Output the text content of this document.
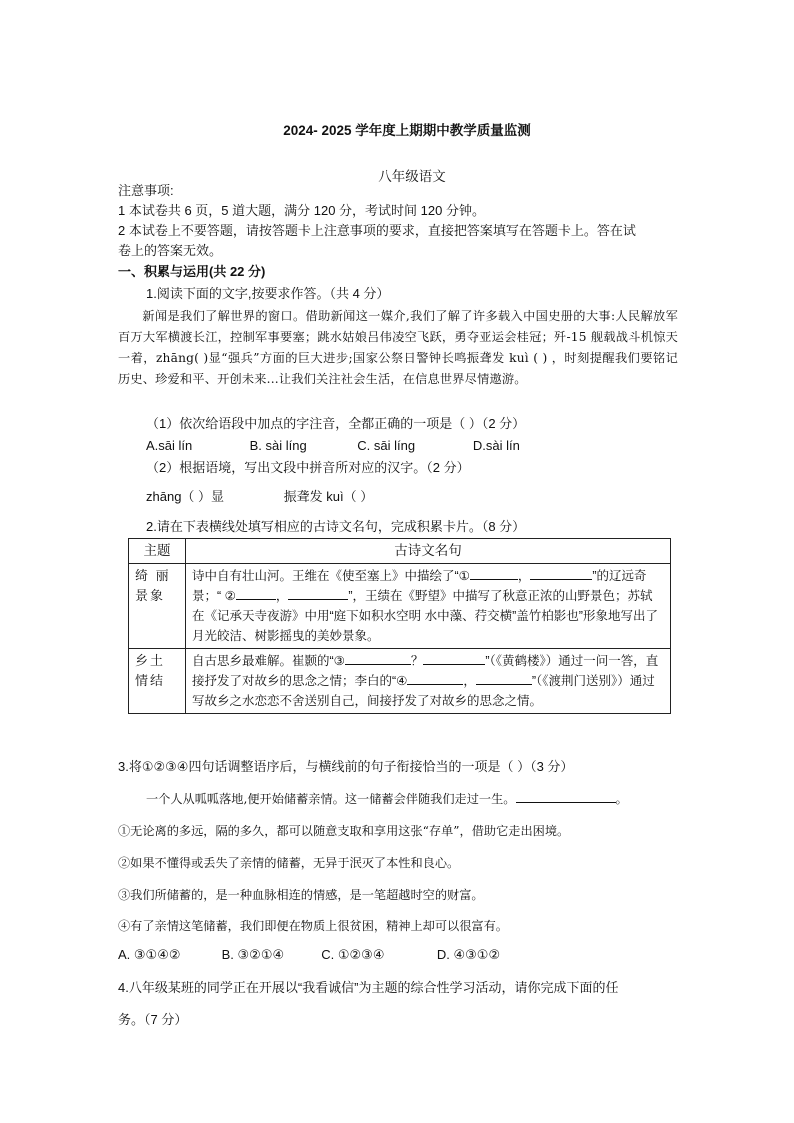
2024- 2025 学年度上期期中教学质量监测
八年级语文
注意事项:
1 本试卷共 6 页，5 道大题，满分 120 分，考试时间 120 分钟。
2 本试卷上不要答题，请按答题卡上注意事项的要求，直接把答案填写在答题卡上。答在试
卷上的答案无效。
一、积累与运用(共 22 分)
1.阅读下面的文字,按要求作答。（共 4 分）
新闻是我们了解世界的窗口。借助新闻这一媒介,我们了解了许多载入中国史册的大事:人民解放军百万大军横渡长江，控制军事要塞；跳水姑娘吕伟凌空飞跃，勇夺亚运会桂冠；歼-15 舰载战斗机惊天一着，zhāng( )显“强兵”方面的巨大进步;国家公祭日警钟长鸣振聋发 kuì ( ) ，时刻提醒我们要铭记历史、珍爱和平、开创未来...让我们关注社会生活，在信息世界尽情遨游。
（1）依次给语段中加点的字注音，全都正确的一项是（ ）（2 分）
A.sāi lín	B. sài líng	C. sāi líng	D.sài lín
（2）根据语境，写出文段中拼音所对应的汉字。（2 分）
zhāng（ ）显	振聋发 kuì（ ）
2.请在下表横线处填写相应的古诗文名句，完成积累卡片。（8 分）
主题	古诗文名句
绮 丽景象	诗中自有壮山河。王维在《使至塞上》中描绘了“① ， ”的辽远奇景；“ ② ， ”，王绩在《野望》中描写了秋意正浓的山野景色；苏轼在《记承天寺夜游》中用“庭下如积水空明 水中藻、荇交横”盖竹柏影也”形象地写出了月光皎洁、树影摇曳的美妙景象。
乡土情结	自古思乡最难解。崔颢的“③ ？ ”（《黄鹤楼》）通过一问一答，直接抒发了对故乡的思念之情；李白的“④ ， ”（《渡荆门送别》）通过写故乡之水恋恋不舍送别自己，间接抒发了对故乡的思念之情。
3.将①②③④四句话调整语序后，与横线前的句子衔接恰当的一项是（ ）（3 分）
一个人从呱呱落地,便开始储蓄亲情。这一储蓄会伴随我们走过一生。	。
①无论离的多远，隔的多久，都可以随意支取和享用这张“存单”，借助它走出困境。
②如果不懂得或丢失了亲情的储蓄，无异于泯灭了本性和良心。
③我们所储蓄的，是一种血脉相连的情感，是一笔超越时空的财富。
④有了亲情这笔储蓄，我们即便在物质上很贫困，精神上却可以很富有。
A. ③①④②	B. ③②①④	C. ①②③④	D. ④③①②
4.八年级某班的同学正在开展以“我看诚信”为主题的综合性学习活动，请你完成下面的任
务。（7 分）
